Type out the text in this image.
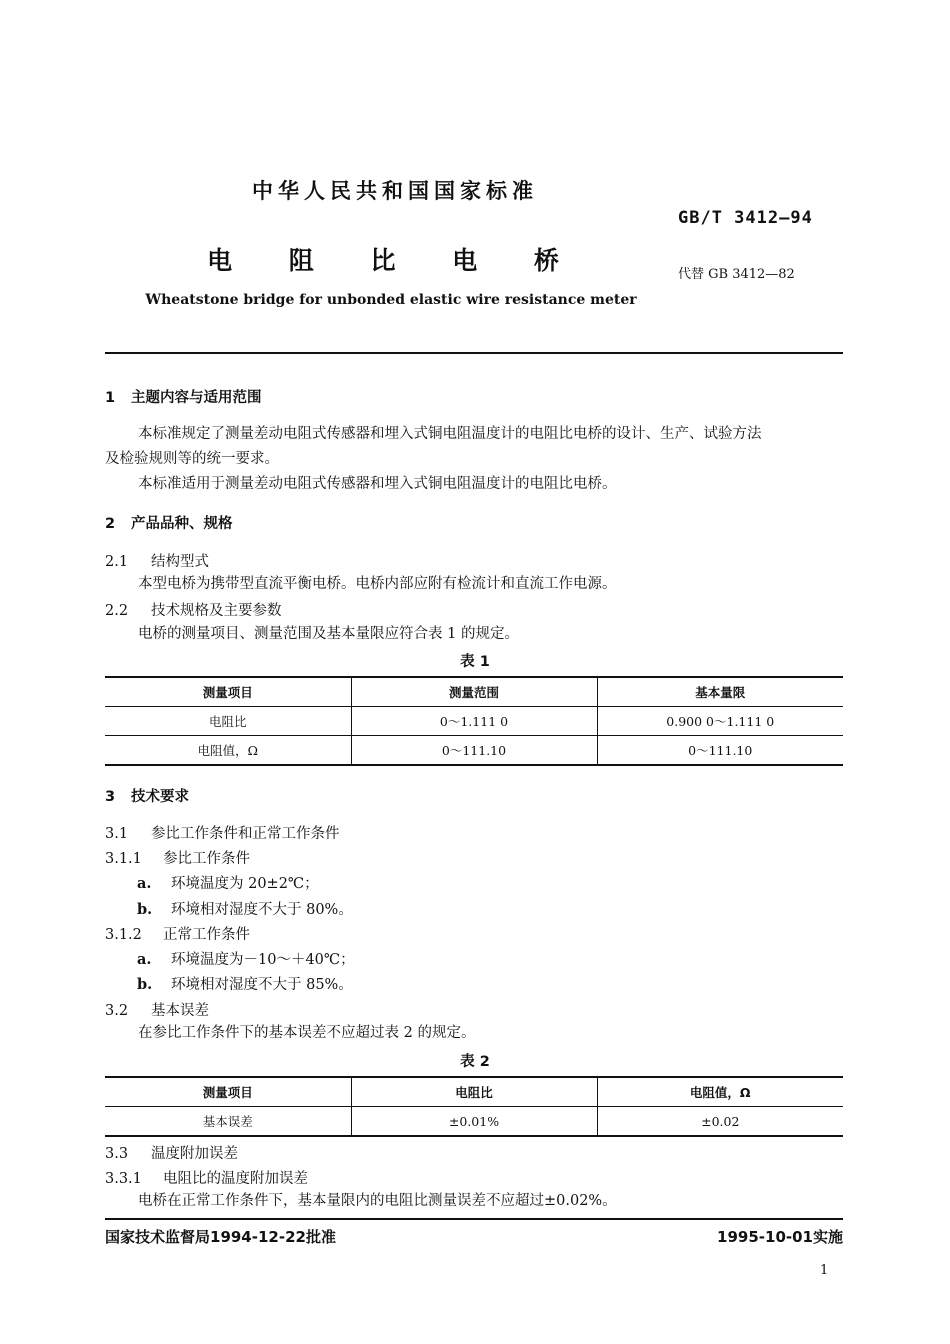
中华人民共和国国家标准
GB/T 3412—94
电 阻 比 电 桥	代替 GB 3412—82
Wheatstone bridge for unbonded elastic wire resistance meter
1 主题内容与适用范围
本标准规定了测量差动电阻式传感器和埋入式铜电阻温度计的电阻比电桥的设计、生产、试验方法
及检验规则等的统一要求。
本标准适用于测量差动电阻式传感器和埋入式铜电阻温度计的电阻比电桥。
2 产品品种、规格
2.1 结构型式
本型电桥为携带型直流平衡电桥。电桥内部应附有检流计和直流工作电源。
2.2 技术规格及主要参数
电桥的测量项目、测量范围及基本量限应符合表 1 的规定。
表 1
测量项目	测量范围	基本量限
电阻比	0～1.111 0	0.900 0～1.111 0
电阻值，Ω	0～111.10	0～111.10
3 技术要求
3.1 参比工作条件和正常工作条件
3.1.1 参比工作条件
a. 环境温度为 20±2℃；
b. 环境相对湿度不大于 80%。
3.1.2 正常工作条件
a. 环境温度为－10～＋40℃；
b. 环境相对湿度不大于 85%。
3.2 基本误差
在参比工作条件下的基本误差不应超过表 2 的规定。
表 2
测量项目	电阻比	电阻值，Ω
基本误差	±0.01%	±0.02
3.3 温度附加误差
3.3.1 电阻比的温度附加误差
电桥在正常工作条件下，基本量限内的电阻比测量误差不应超过±0.02%。
国家技术监督局1994-12-22批准	1995-10-01实施
1
